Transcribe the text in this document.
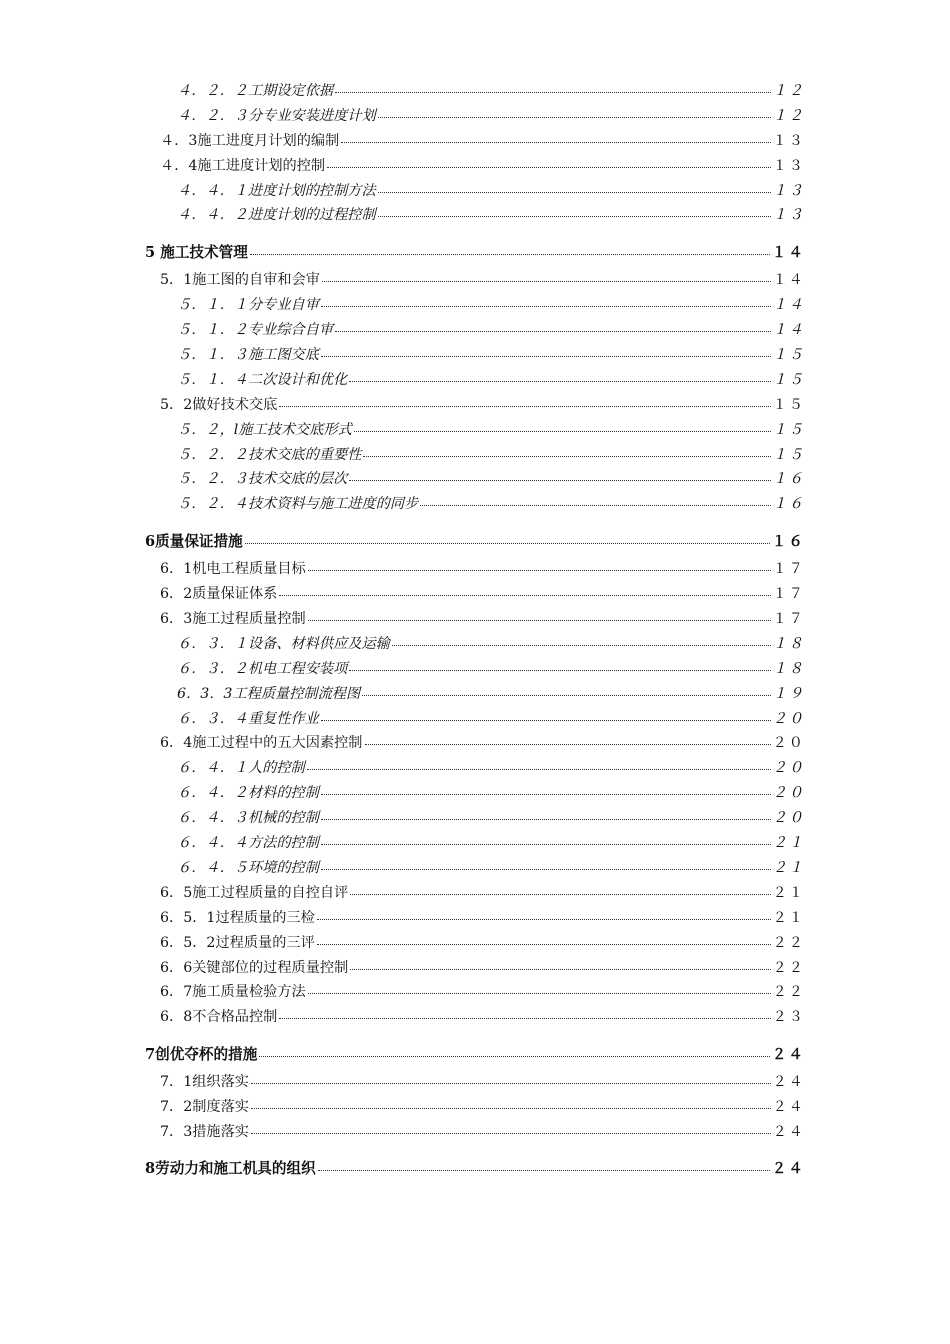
４．２．２工期设定依据	１２
４．２．３分专业安装进度计划	１２
４．3施工进度月计划的编制	１３
４．4施工进度计划的控制	１３
４．４．１进度计划的控制方法	１３
４．４．２进度计划的过程控制	１３
5 施工技术管理	１４
5．1施工图的自审和会审	１４
５．１．１分专业自审	１４
５．１．２专业综合自审	１４
５．１．３施工图交底	１５
５．１．４二次设计和优化	１５
5．2做好技术交底	１５
５．２，l施工技术交底形式	１５
５．２．２技术交底的重要性	１５
５．２．３技术交底的层次	１６
５．２．４技术资料与施工进度的同步	１６
6质量保证措施	１６
6．1机电工程质量目标	１７
6．2质量保证体系	１７
6．3施工过程质量控制	１７
６．３．１设备、材料供应及运输	１８
６．３．２机电工程安装项	１８
6．3．3工程质量控制流程图	１９
６．３．４重复性作业	２０
6．4施工过程中的五大因素控制	２０
６．４．１人的控制	２０
６．４．２材料的控制	２０
６．４．３机械的控制	２０
６．４．４方法的控制	２１
６．４．５环境的控制	２１
6．5施工过程质量的自控自评	２１
6．5．1过程质量的三检	２１
6．5．2过程质量的三评	２２
6．6关键部位的过程质量控制	２２
6．7施工质量检验方法	２２
6．8不合格品控制	２３
7创优夺杯的措施	２４
7．1组织落实	２４
7．2制度落实	２４
7．3措施落实	２４
8劳动力和施工机具的组织	２４
